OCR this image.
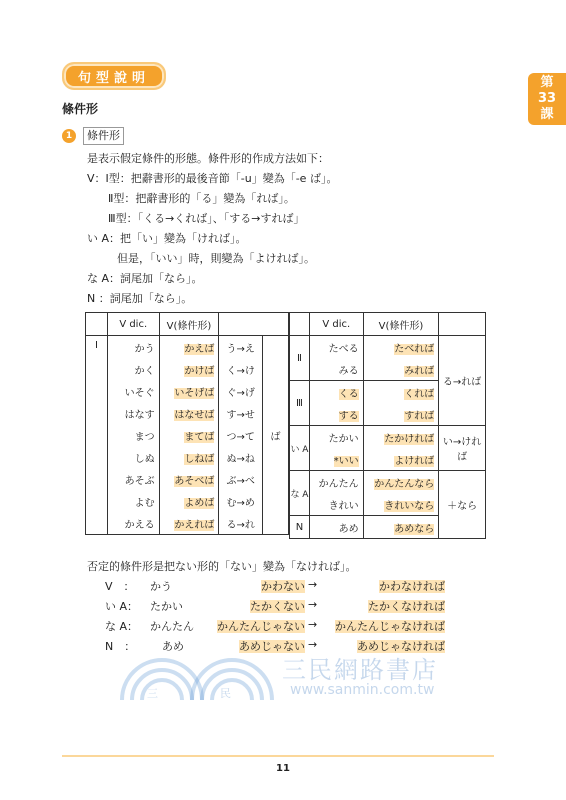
句型說明	第
33
課
條件形
1	條件形
是表示假定條件的形態。條件形的作成方法如下：
V：Ⅰ型：把辭書形的最後音節「-u」變為「-e ば」。
Ⅱ型：把辭書形的「る」變為「れば」。
Ⅲ型：「くる→くれば」、「する→すれば」
い A：把「い」變為「ければ」。
但是，「いい」時，則變為「よければ」。
な A：詞尾加「なら」。
N ：詞尾加「なら」。
	V dic.	V(條件形)		
Ⅰ	かう	かえば	う→え	ば
	かく	かけば	く→け	
	いそぐ	いそげば	ぐ→げ	
	はなす	はなせば	す→せ	
	まつ	まてば	つ→て	
	しぬ	しねば	ぬ→ね	
	あそぶ	あそべば	ぶ→べ	
	よむ	よめば	む→め	
	かえる	かえれば	る→れ	
	V dic.	V(條件形)	
Ⅱ	たべる	たべれば	る→れば
	みる	みれば	
Ⅲ	くる	くれば	
	する	すれば	
い A	たかい	たかければ	い→ければ
	*いい	よければ	
な A	かんたん	かんたんなら	＋なら
	きれい	きれいなら	
N	あめ	あめなら	
否定的條件形是把ない形的「ない」變為「なければ」。
V　： かう	かわない →	かわなければ
い A： たかい	たかくない →	たかくなければ
な A： かんたん	かんたんじゃない →	かんたんじゃなければ
N　： あめ	あめじゃない →	あめじゃなければ
三	民
三民網路書店
www.sanmin.com.tw
11
